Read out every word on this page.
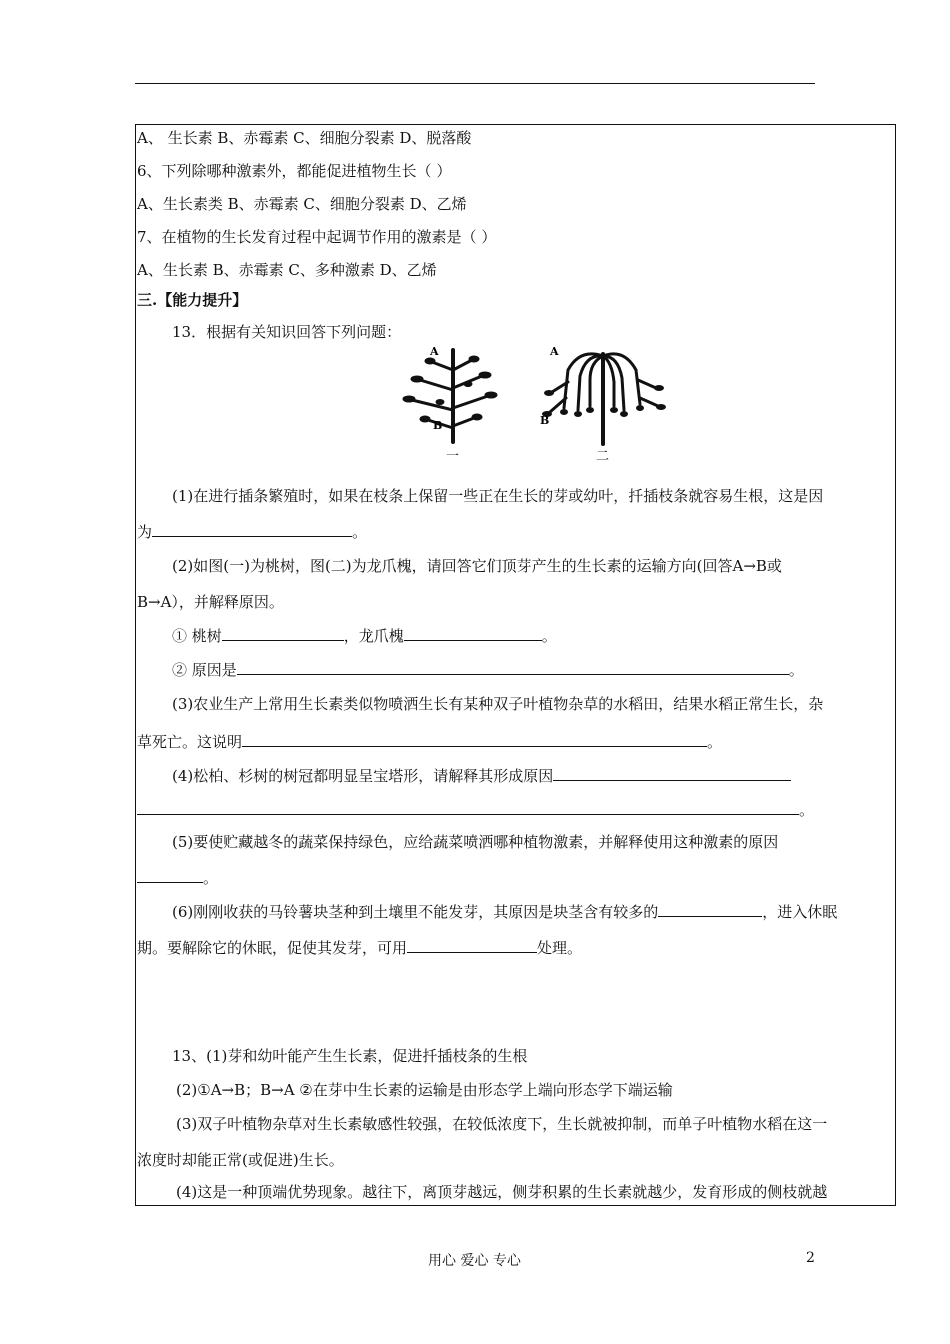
A、 生长素 B、赤霉素 C、细胞分裂素 D、脱落酸
6、下列除哪种激素外，都能促进植物生长（ ）
A、生长素类 B、赤霉素 C、细胞分裂素 D、乙烯
7、在植物的生长发育过程中起调节作用的激素是（ ）
A、生长素 B、赤霉素 C、多种激素 D、乙烯
三.【能力提升】
13．根据有关知识回答下列问题：
A
B
A
B
一	二
(1)在进行插条繁殖时，如果在枝条上保留一些正在生长的芽或幼叶，扦插枝条就容易生根，这是因
为	。
(2)如图(一)为桃树，图(二)为龙爪槐，请回答它们顶芽产生的生长素的运输方向(回答A→B或
B→A），并解释原因。
① 桃树	，龙爪槐	。
② 原因是	。
(3)农业生产上常用生长素类似物喷洒生长有某种双子叶植物杂草的水稻田，结果水稻正常生长，杂
草死亡。这说明	。
(4)松柏、杉树的树冠都明显呈宝塔形，请解释其形成原因
。
(5)要使贮藏越冬的蔬菜保持绿色，应给蔬菜喷洒哪种植物激素，并解释使用这种激素的原因
。
(6)刚刚收获的马铃薯块茎种到土壤里不能发芽，其原因是块茎含有较多的	，进入休眠
期。要解除它的休眠，促使其发芽，可用	处理。
13、(1)芽和幼叶能产生生长素，促进扦插枝条的生根
(2)①A→B；B→A ②在芽中生长素的运输是由形态学上端向形态学下端运输
(3)双子叶植物杂草对生长素敏感性较强，在较低浓度下，生长就被抑制，而单子叶植物水稻在这一
浓度时却能正常(或促进)生长。
(4)这是一种顶端优势现象。越往下，离顶芽越远，侧芽积累的生长素就越少，发育形成的侧枝就越
用心 爱心 专心	2
